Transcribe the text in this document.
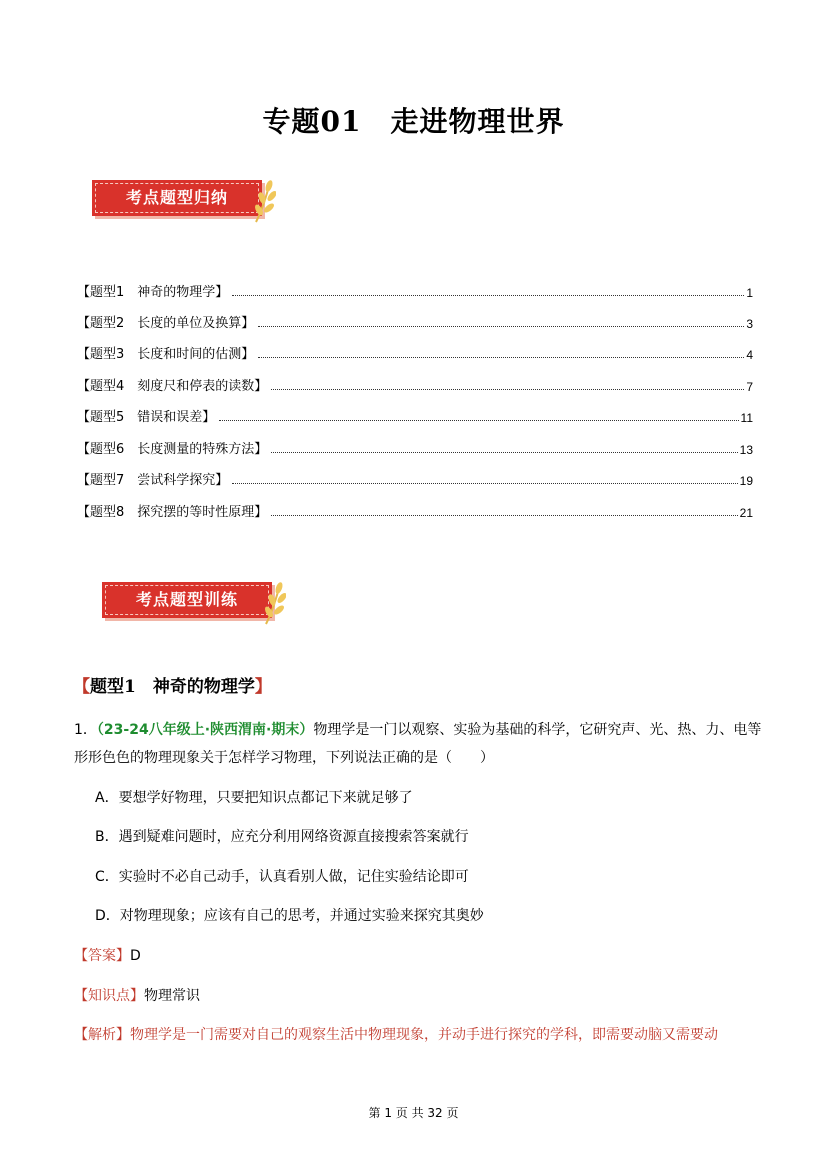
专题01　走进物理世界
考点题型归纳
【题型1　神奇的物理学】	1
【题型2　长度的单位及换算】	3
【题型3　长度和时间的估测】	4
【题型4　刻度尺和停表的读数】	7
【题型5　错误和误差】	11
【题型6　长度测量的特殊方法】	13
【题型7　尝试科学探究】	19
【题型8　探究摆的等时性原理】	21
考点题型训练
【题型1　神奇的物理学】
1．（23-24八年级上·陕西渭南·期末）物理学是一门以观察、实验为基础的科学，它研究声、光、热、力、电等形形色色的物理现象关于怎样学习物理，下列说法正确的是（　　）
A．要想学好物理，只要把知识点都记下来就足够了
B．遇到疑难问题时，应充分利用网络资源直接搜索答案就行
C．实验时不必自己动手，认真看别人做，记住实验结论即可
D．对物理现象；应该有自己的思考，并通过实验来探究其奥妙
【答案】D
【知识点】物理常识
【解析】物理学是一门需要对自己的观察生活中物理现象，并动手进行探究的学科，即需要动脑又需要动
第 1 页 共 32 页
